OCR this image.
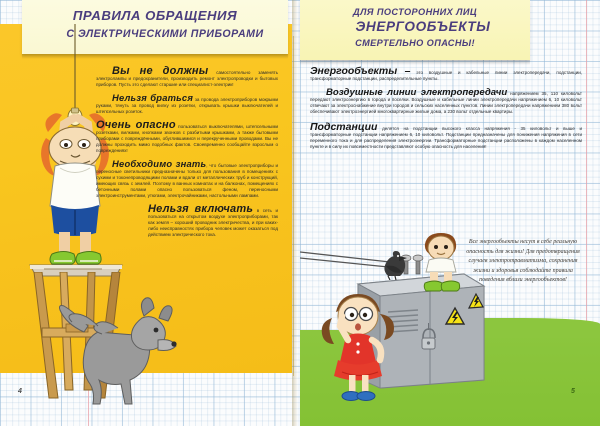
ПРАВИЛА ОБРАЩЕНИЯ
С ЭЛЕКТРИЧЕСКИМИ ПРИБОРАМИ
4

Вы не должны самостоятельно заменять электролампы и предохранители, производить ремонт электропроводки и бытовых приборов. Пусть это сделают старшие или специалист-электрик!

Нельзя браться за провода электроприборов мокрыми руками, тянуть за провод вилку из розетки, открывать крышки выключателей и штепсельных розеток.

Очень опасно пользоваться выключателями, штепсельными розетками, вилками, кнопками звонков с разбитыми крышками, а также бытовыми приборами с повреждёнными, обуглившимися и перекрученными проводами. Вы не должны проходить мимо подобных фактов. Своевременно сообщайте взрослым о повреждениях!

Необходимо знать, что бытовые электроприборы и переносные светильники предназначены только для пользования в помещениях с сухими и токонепроводящими полами и вдали от металлических труб и конструкций, имеющих связь с землей. Поэтому в ванных комнатах и на балконах, помещениях с бетонными полами опасно пользоваться феном, переносными электроинструментами, утюгами, электрочайниками, настольными лампами.

Нельзя включать в сеть и пользоваться на открытом воздухе электроприборами, так как земля – хороший проводник электричества, и при каких-либо неисправностях прибора человек может оказаться под действием электрического тока.

ДЛЯ ПОСТОРОННИХ ЛИЦ
ЭНЕРГООБЪЕКТЫ
СМЕРТЕЛЬНО ОПАСНЫ!

Энергообъекты – это воздушные и кабельные линии электропередачи, подстанции, трансформаторные подстанции, распределительные пункты.

Воздушные линии электропередачи напряжением 35, 110 киловольт передают электроэнергию в города и поселки. Воздушные и кабельные линии электропередачи напряжением 6, 10 киловольт отвечают за электроснабжение внутри городов и сельских населенных пунктов. Линии электропередачи напряжением 380 вольт обеспечивают электроэнергией многоквартирные жилые дома, а 230 вольт отдельные квартиры.

Подстанции делятся на подстанции высокого класса напряжения - 35 киловольт и выше и трансформаторные подстанции напряжением 6, 10 киловольт. Подстанции предназначены для понижения напряжения в сети переменного тока и для распределения электроэнергии. Трансформаторные подстанции расположены в каждом населенном пункте и в силу их повсеместности представляют особую опасность для населения!

Все энергообъекты несут в себе реальную опасность для жизни! Для предотвращения случаев электротравматизма, сохранения жизни и здоровья соблюдайте правила поведения вблизи энергообъектов!
5
